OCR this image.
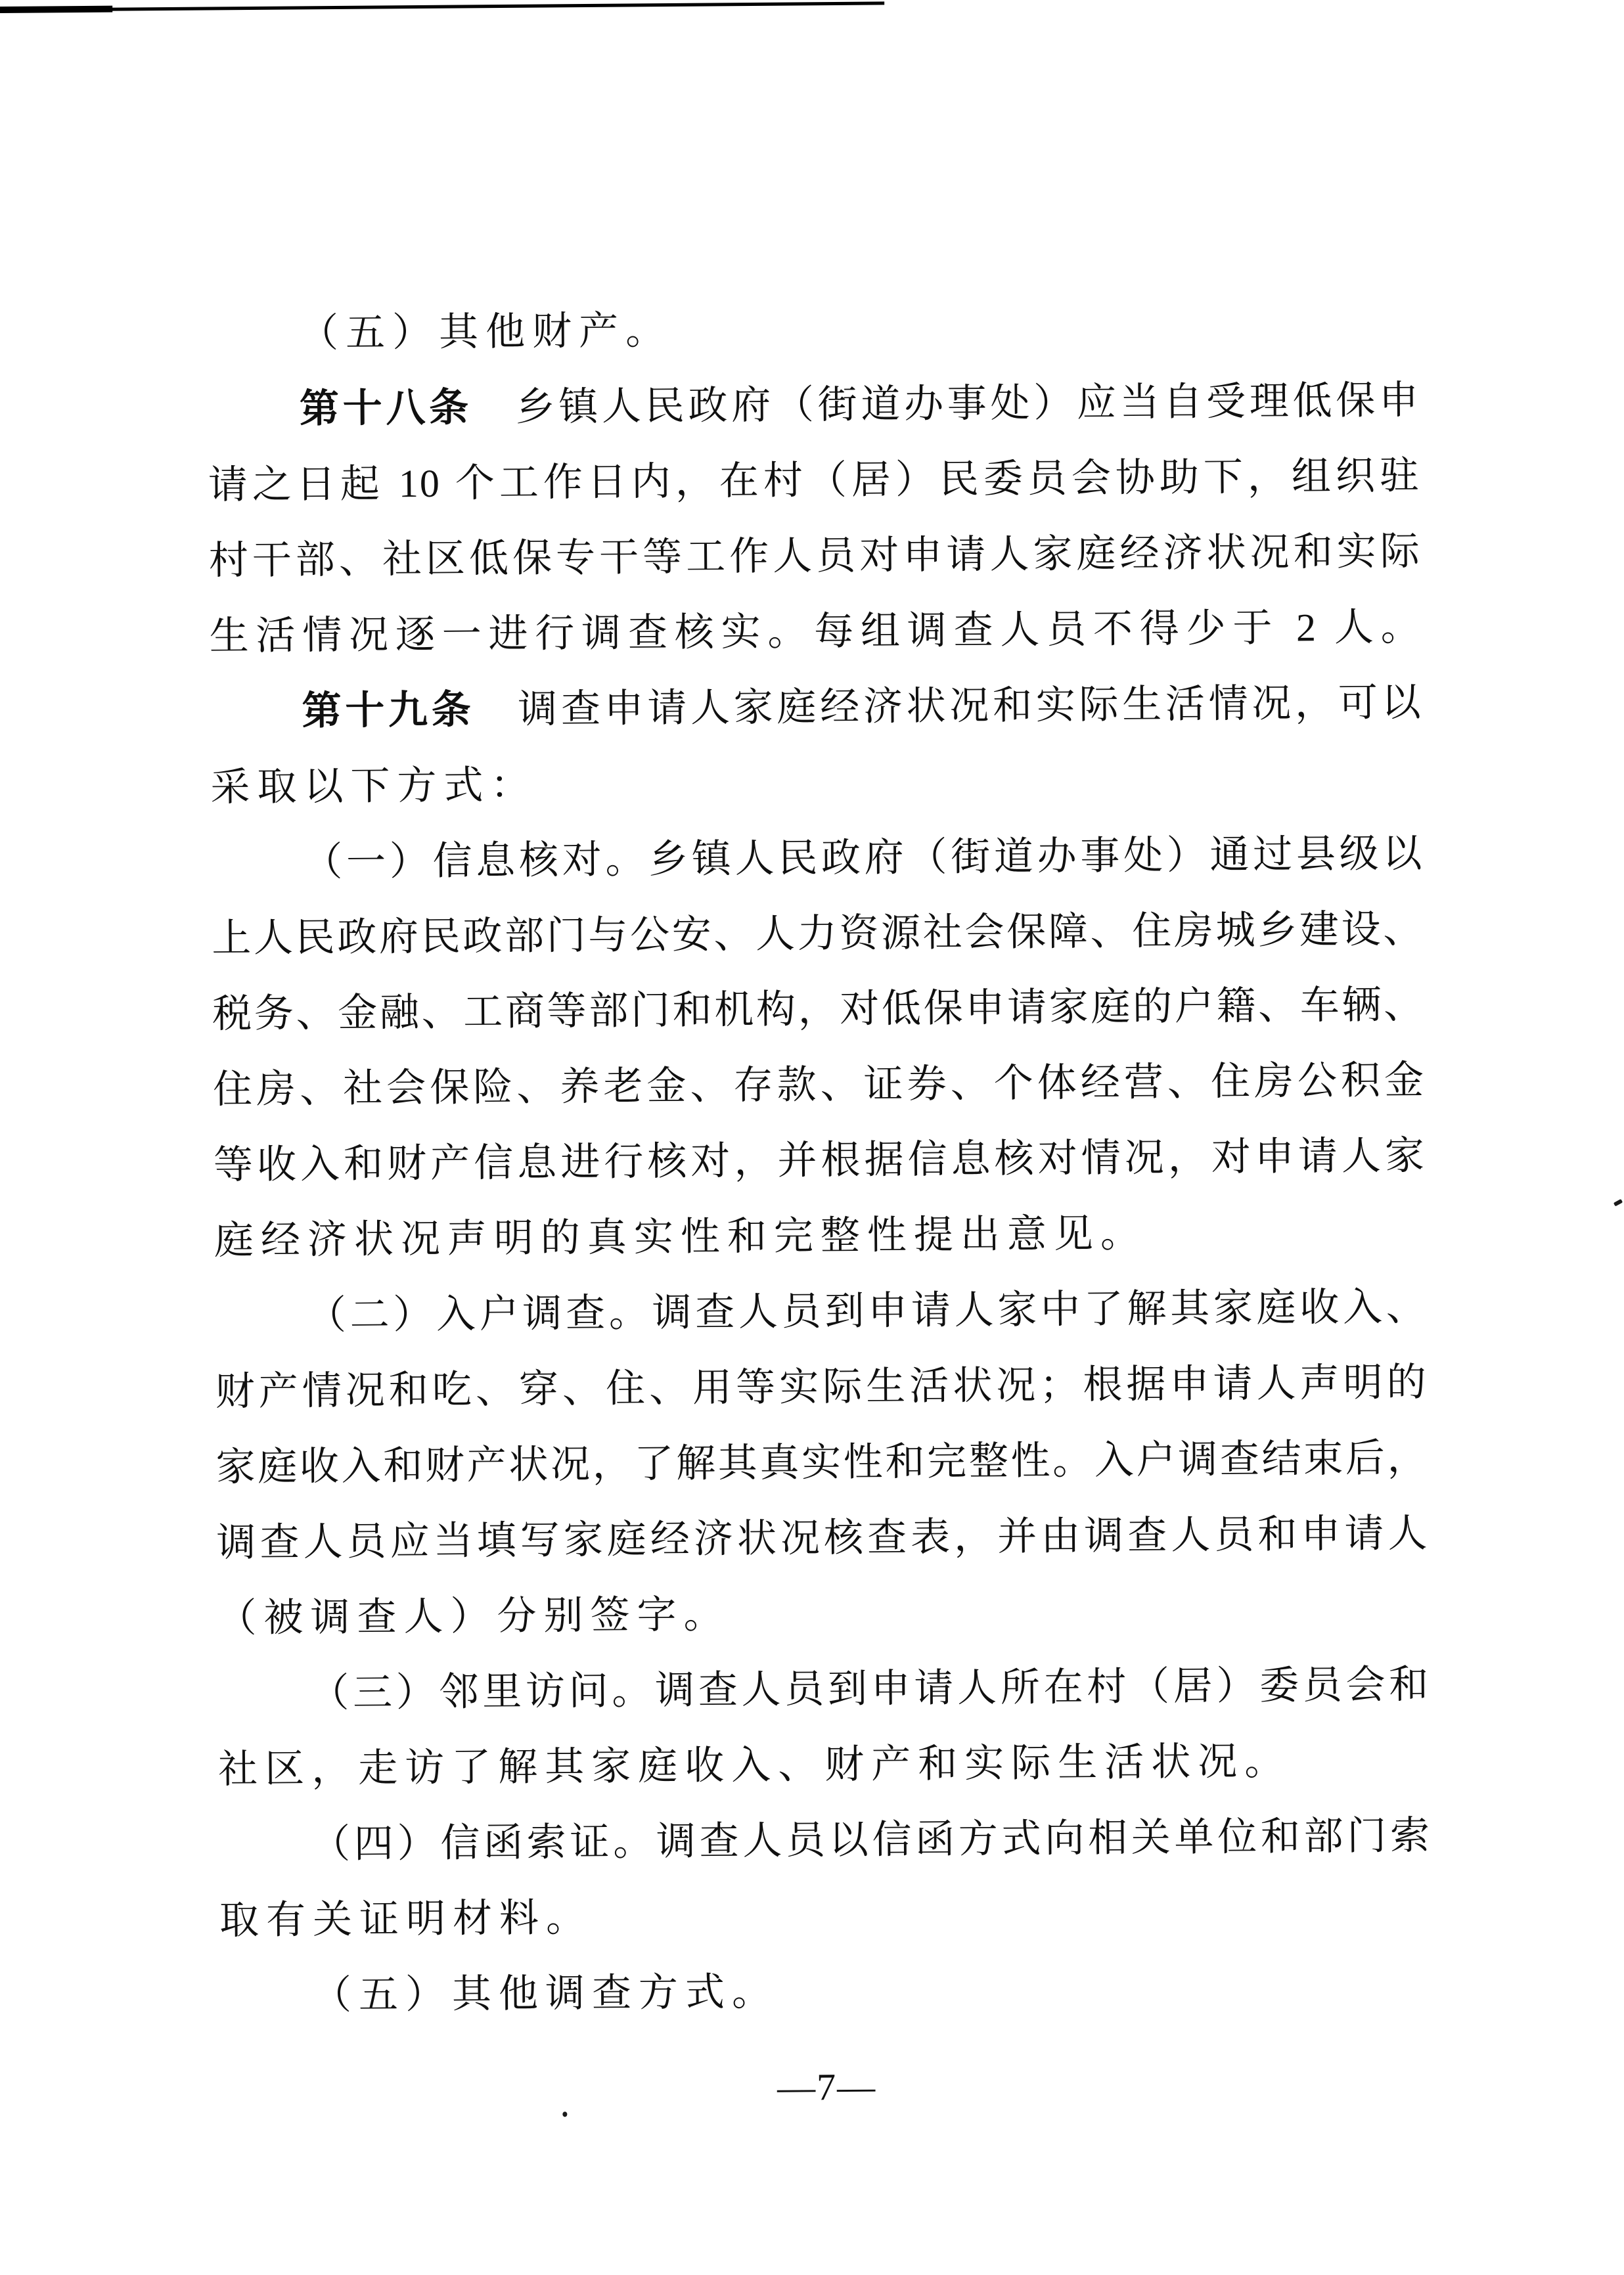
（五）其他财产。
第十八条　乡镇人民政府（街道办事处）应当自受理低保申
请之日起 10 个工作日内，在村（居）民委员会协助下，组织驻
村干部、社区低保专干等工作人员对申请人家庭经济状况和实际
生活情况逐一进行调查核实。每组调查人员不得少于 2 人。
第十九条　调查申请人家庭经济状况和实际生活情况，可以
采取以下方式：
（一）信息核对。乡镇人民政府（街道办事处）通过县级以
上人民政府民政部门与公安、人力资源社会保障、住房城乡建设、
税务、金融、工商等部门和机构，对低保申请家庭的户籍、车辆、
住房、社会保险、养老金、存款、证券、个体经营、住房公积金
等收入和财产信息进行核对，并根据信息核对情况，对申请人家
庭经济状况声明的真实性和完整性提出意见。
（二）入户调查。调查人员到申请人家中了解其家庭收入、
财产情况和吃、穿、住、用等实际生活状况；根据申请人声明的
家庭收入和财产状况，了解其真实性和完整性。入户调查结束后，
调查人员应当填写家庭经济状况核查表，并由调查人员和申请人
（被调查人）分别签字。
（三）邻里访问。调查人员到申请人所在村（居）委员会和
社区，走访了解其家庭收入、财产和实际生活状况。
（四）信函索证。调查人员以信函方式向相关单位和部门索
取有关证明材料。
（五）其他调查方式。
—7—
